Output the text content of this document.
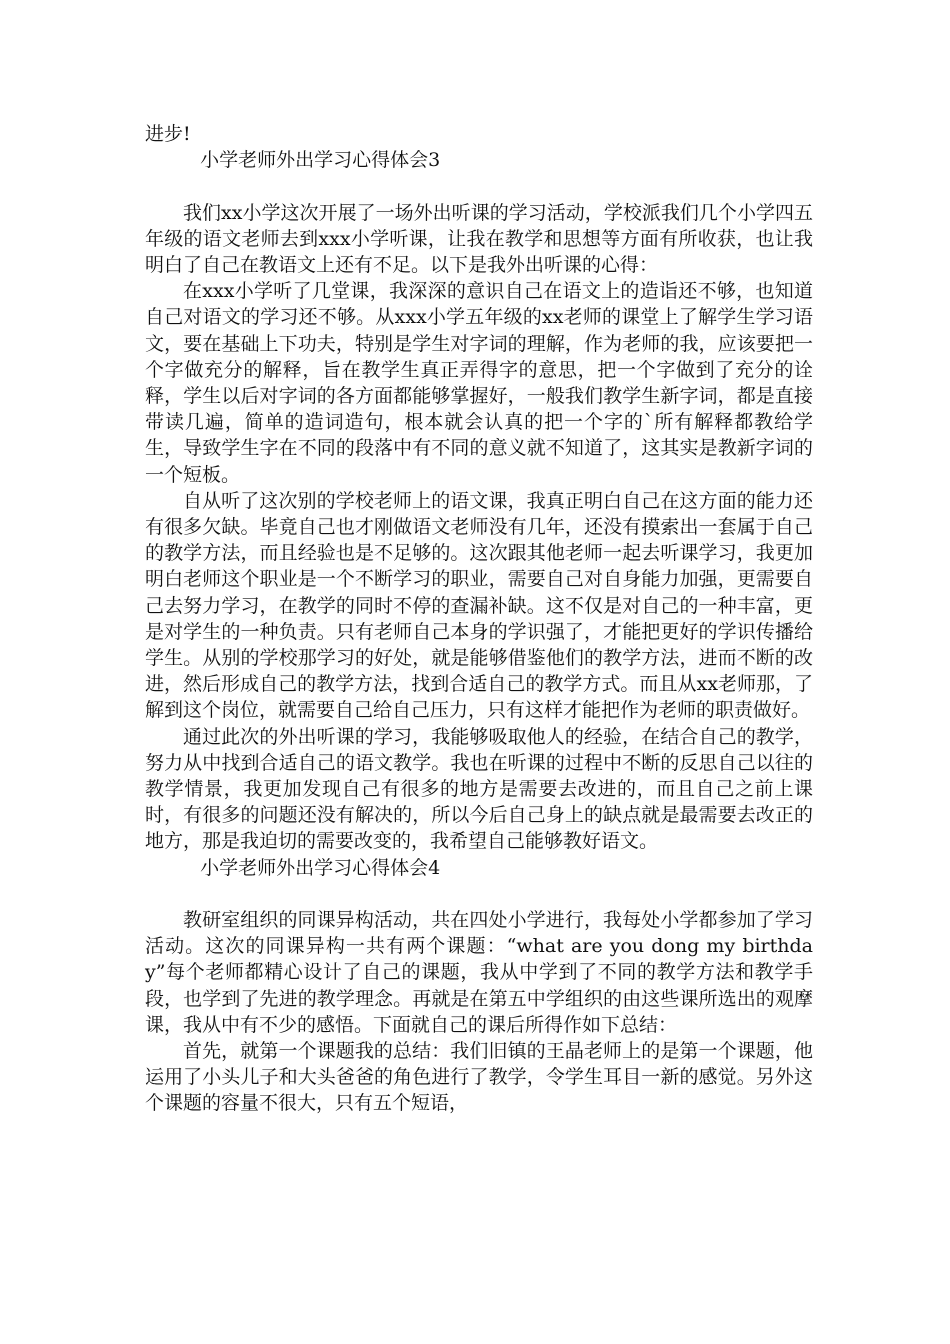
进步!

小学老师外出学习心得体会3

我们xx小学这次开展了一场外出听课的学习活动，学校派我们几个小学四五年级的语文老师去到xxx小学听课，让我在教学和思想等方面有所收获，也让我明白了自己在教语文上还有不足。以下是我外出听课的心得：

在xxx小学听了几堂课，我深深的意识自己在语文上的造诣还不够，也知道自己对语文的学习还不够。从xxx小学五年级的xx老师的课堂上了解学生学习语文，要在基础上下功夫，特别是学生对字词的理解，作为老师的我，应该要把一个字做充分的解释，旨在教学生真正弄得字的意思，把一个字做到了充分的诠释，学生以后对字词的各方面都能够掌握好，一般我们教学生新字词，都是直接带读几遍，简单的造词造句，根本就会认真的把一个字的`所有解释都教给学生，导致学生字在不同的段落中有不同的意义就不知道了，这其实是教新字词的一个短板。

自从听了这次别的学校老师上的语文课，我真正明白自己在这方面的能力还有很多欠缺。毕竟自己也才刚做语文老师没有几年，还没有摸索出一套属于自己的教学方法，而且经验也是不足够的。这次跟其他老师一起去听课学习，我更加明白老师这个职业是一个不断学习的职业，需要自己对自身能力加强，更需要自己去努力学习，在教学的同时不停的查漏补缺。这不仅是对自己的一种丰富，更是对学生的一种负责。只有老师自己本身的学识强了，才能把更好的学识传播给学生。从别的学校那学习的好处，就是能够借鉴他们的教学方法，进而不断的改进，然后形成自己的教学方法，找到合适自己的教学方式。而且从xx老师那，了解到这个岗位，就需要自己给自己压力，只有这样才能把作为老师的职责做好。

通过此次的外出听课的学习，我能够吸取他人的经验，在结合自己的教学，努力从中找到合适自己的语文教学。我也在听课的过程中不断的反思自己以往的教学情景，我更加发现自己有很多的地方是需要去改进的，而且自己之前上课时，有很多的问题还没有解决的，所以今后自己身上的缺点就是最需要去改正的地方，那是我迫切的需要改变的，我希望自己能够教好语文。

小学老师外出学习心得体会4

教研室组织的同课异构活动，共在四处小学进行，我每处小学都参加了学习活动。这次的同课异构一共有两个课题：“what are you dong my birthday”每个老师都精心设计了自己的课题，我从中学到了不同的教学方法和教学手段，也学到了先进的教学理念。再就是在第五中学组织的由这些课所选出的观摩课，我从中有不少的感悟。下面就自己的课后所得作如下总结：

首先，就第一个课题我的总结：我们旧镇的王晶老师上的是第一个课题，他运用了小头儿子和大头爸爸的角色进行了教学，令学生耳目一新的感觉。另外这个课题的容量不很大，只有五个短语，
